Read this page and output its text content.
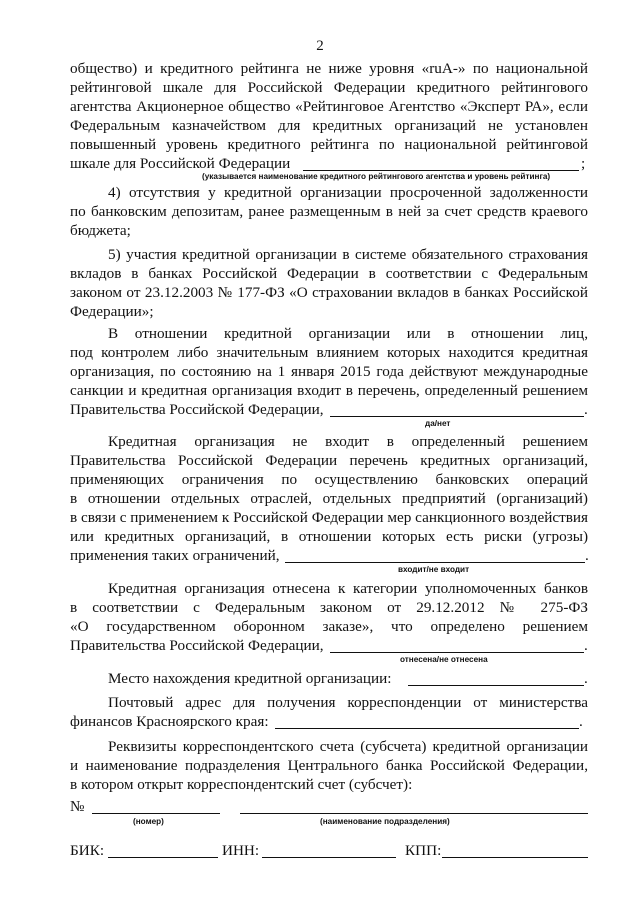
2
общество) и кредитного рейтинга не ниже уровня «ruA-» по национальной
рейтинговой шкале для Российской Федерации кредитного рейтингового
агентства Акционерное общество «Рейтинговое Агентство «Эксперт РА», если
Федеральным казначейством для кредитных организаций не установлен
повышенный уровень кредитного рейтинга по национальной рейтинговой
шкале для Российской Федерации	;
(указывается наименование кредитного рейтингового агентства и уровень рейтинга)
4) отсутствия у кредитной организации просроченной задолженности
по банковским депозитам, ранее размещенным в ней за счет средств краевого
бюджета;
5) участия кредитной организации в системе обязательного страхования
вкладов в банках Российской Федерации в соответствии с Федеральным
законом от 23.12.2003 № 177-ФЗ «О страховании вкладов в банках Российской
Федерации»;
В отношении кредитной организации или в отношении лиц,
под контролем либо значительным влиянием которых находится кредитная
организация, по состоянию на 1 января 2015 года действуют международные
санкции и кредитная организация входит в перечень, определенный решением
Правительства Российской Федерации,	.
да/нет
Кредитная организация не входит в определенный решением
Правительства Российской Федерации перечень кредитных организаций,
применяющих ограничения по осуществлению банковских операций
в отношении отдельных отраслей, отдельных предприятий (организаций)
в связи с применением к Российской Федерации мер санкционного воздействия
или кредитных организаций, в отношении которых есть риски (угрозы)
применения таких ограничений,	.
входит/не входит
Кредитная организация отнесена к категории уполномоченных банков
в соответствии с Федеральным законом от 29.12.2012 № 275-ФЗ
«О государственном оборонном заказе», что определено решением
Правительства Российской Федерации,	.
отнесена/не отнесена
Место нахождения кредитной организации:	.
Почтовый адрес для получения корреспонденции от министерства
финансов Красноярского края:	.
Реквизиты корреспондентского счета (субсчета) кредитной организации
и наименование подразделения Центрального банка Российской Федерации,
в котором открыт корреспондентский счет (субсчет):
№
(номер)	(наименование подразделения)
БИК:	ИНН:	КПП:
